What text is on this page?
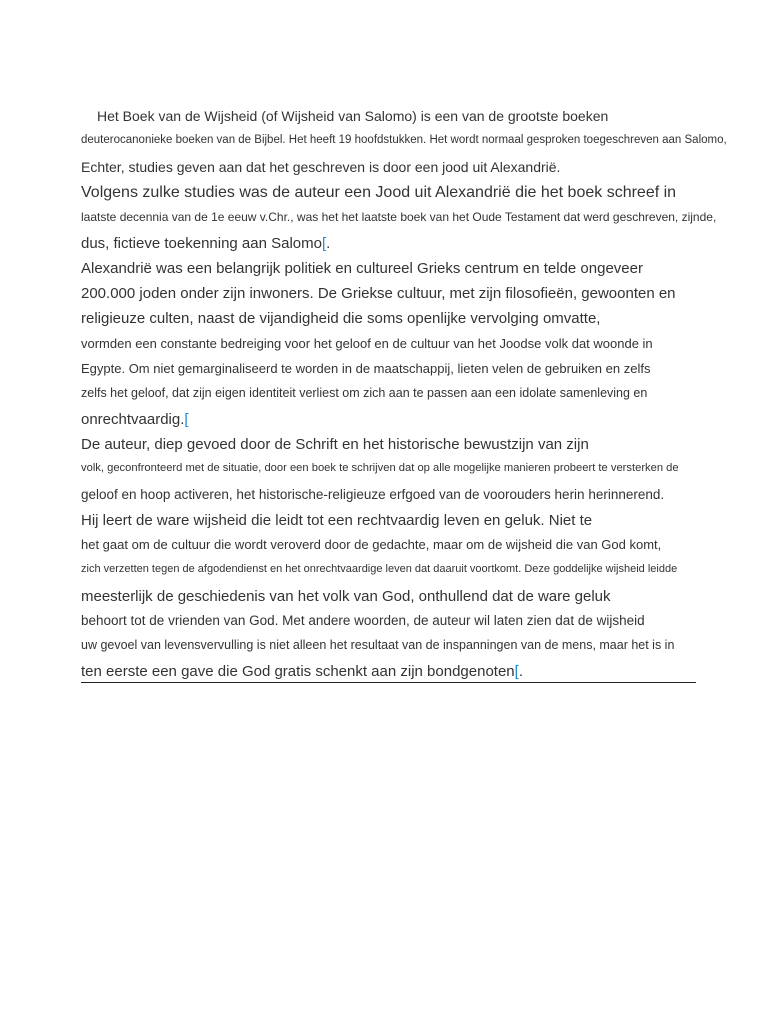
Het Boek van de Wijsheid (of Wijsheid van Salomo) is een van de grootste boeken
deuterocanonieke boeken van de Bijbel. Het heeft 19 hoofdstukken. Het wordt normaal gesproken toegeschreven aan Salomo,
Echter, studies geven aan dat het geschreven is door een jood uit Alexandrië.
Volgens zulke studies was de auteur een Jood uit Alexandrië die het boek schreef in
laatste decennia van de 1e eeuw v.Chr., was het het laatste boek van het Oude Testament dat werd geschreven, zijnde,
dus, fictieve toekenning aan Salomo[.
Alexandrië was een belangrijk politiek en cultureel Grieks centrum en telde ongeveer
200.000 joden onder zijn inwoners. De Griekse cultuur, met zijn filosofieën, gewoonten en
religieuze culten, naast de vijandigheid die soms openlijke vervolging omvatte,
vormden een constante bedreiging voor het geloof en de cultuur van het Joodse volk dat woonde in
Egypte. Om niet gemarginaliseerd te worden in de maatschappij, lieten velen de gebruiken en zelfs
zelfs het geloof, dat zijn eigen identiteit verliest om zich aan te passen aan een idolate samenleving en
onrechtvaardig.[
De auteur, diep gevoed door de Schrift en het historische bewustzijn van zijn
volk, geconfronteerd met de situatie, door een boek te schrijven dat op alle mogelijke manieren probeert te versterken de
geloof en hoop activeren, het historische-religieuze erfgoed van de voorouders herin herinnerend.
Hij leert de ware wijsheid die leidt tot een rechtvaardig leven en geluk. Niet te
het gaat om de cultuur die wordt veroverd door de gedachte, maar om de wijsheid die van God komt,
zich verzetten tegen de afgodendienst en het onrechtvaardige leven dat daaruit voortkomt. Deze goddelijke wijsheid leidde
meesterlijk de geschiedenis van het volk van God, onthullend dat de ware geluk
behoort tot de vrienden van God. Met andere woorden, de auteur wil laten zien dat de wijsheid
uw gevoel van levensvervulling is niet alleen het resultaat van de inspanningen van de mens, maar het is in
ten eerste een gave die God gratis schenkt aan zijn bondgenoten[.
